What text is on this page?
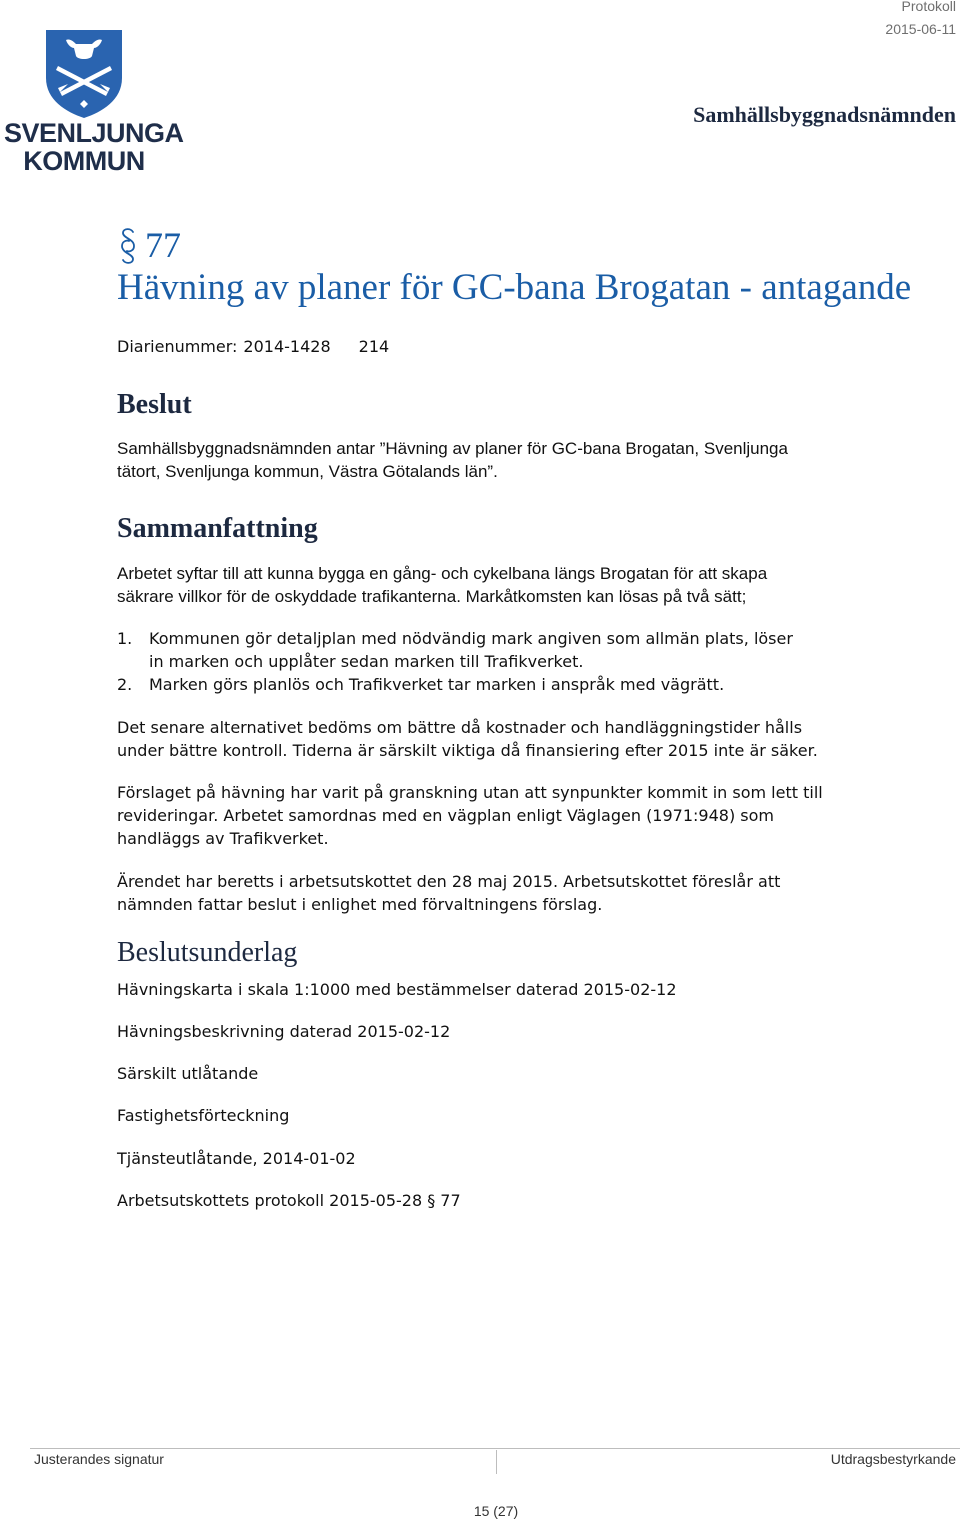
SVENLJUNGA
KOMMUN
Protokoll
2015-06-11
Samhällsbyggnadsnämnden
77
Hävning av planer för GC-bana Brogatan - antagande
Diarienummer: 2014-1428 214
Beslut
Samhällsbyggnadsnämnden antar ”Hävning av planer för GC-bana Brogatan, Svenljunga
tätort, Svenljunga kommun, Västra Götalands län”.
Sammanfattning
Arbetet syftar till att kunna bygga en gång- och cykelbana längs Brogatan för att skapa
säkrare villkor för de oskyddade trafikanterna. Markåtkomsten kan lösas på två sätt;
1.	Kommunen gör detaljplan med nödvändig mark angiven som allmän plats, löser
in marken och upplåter sedan marken till Trafikverket.
2.	Marken görs planlös och Trafikverket tar marken i anspråk med vägrätt.
Det senare alternativet bedöms om bättre då kostnader och handläggningstider hålls
under bättre kontroll. Tiderna är särskilt viktiga då finansiering efter 2015 inte är säker.
Förslaget på hävning har varit på granskning utan att synpunkter kommit in som lett till
revideringar. Arbetet samordnas med en vägplan enligt Väglagen (1971:948) som
handläggs av Trafikverket.
Ärendet har beretts i arbetsutskottet den 28 maj 2015. Arbetsutskottet föreslår att
nämnden fattar beslut i enlighet med förvaltningens förslag.
Beslutsunderlag
Hävningskarta i skala 1:1000 med bestämmelser daterad 2015-02-12
Hävningsbeskrivning daterad 2015-02-12
Särskilt utlåtande
Fastighetsförteckning
Tjänsteutlåtande, 2014-01-02
Arbetsutskottets protokoll 2015-05-28 § 77
Justerandes signatur	Utdragsbestyrkande
15 (27)
